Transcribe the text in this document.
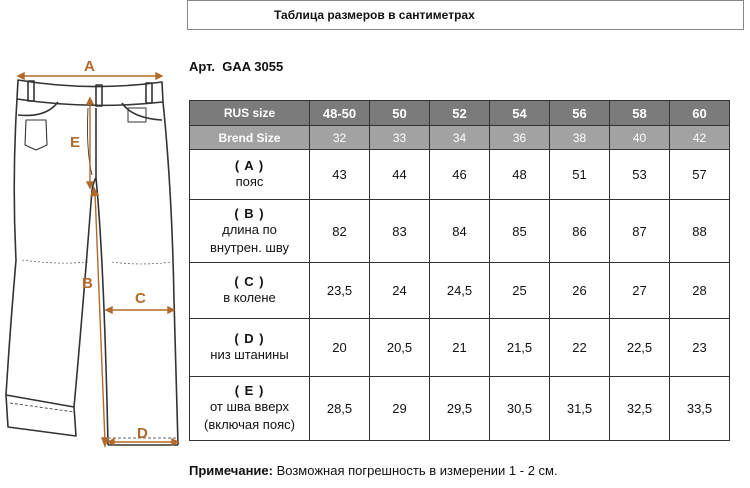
Таблица размеров в сантиметрах
Арт. GAA 3055
A
E
B
C
D
RUS size	48-50	50	52	54	56	58	60
Brend Size	32	33	34	36	38	40	42

( A )
пояс	43	44	46	48	51	53	57

( B )
длина по
внутрен. шву	82	83	84	85	86	87	88

( C )
в колене	23,5	24	24,5	25	26	27	28

( D )
низ штанины	20	20,5	21	21,5	22	22,5	23

( E )
от шва вверх
(включая пояс)	28,5	29	29,5	30,5	31,5	32,5	33,5
Примечание: Возможная погрешность в измерении 1 - 2 см.
